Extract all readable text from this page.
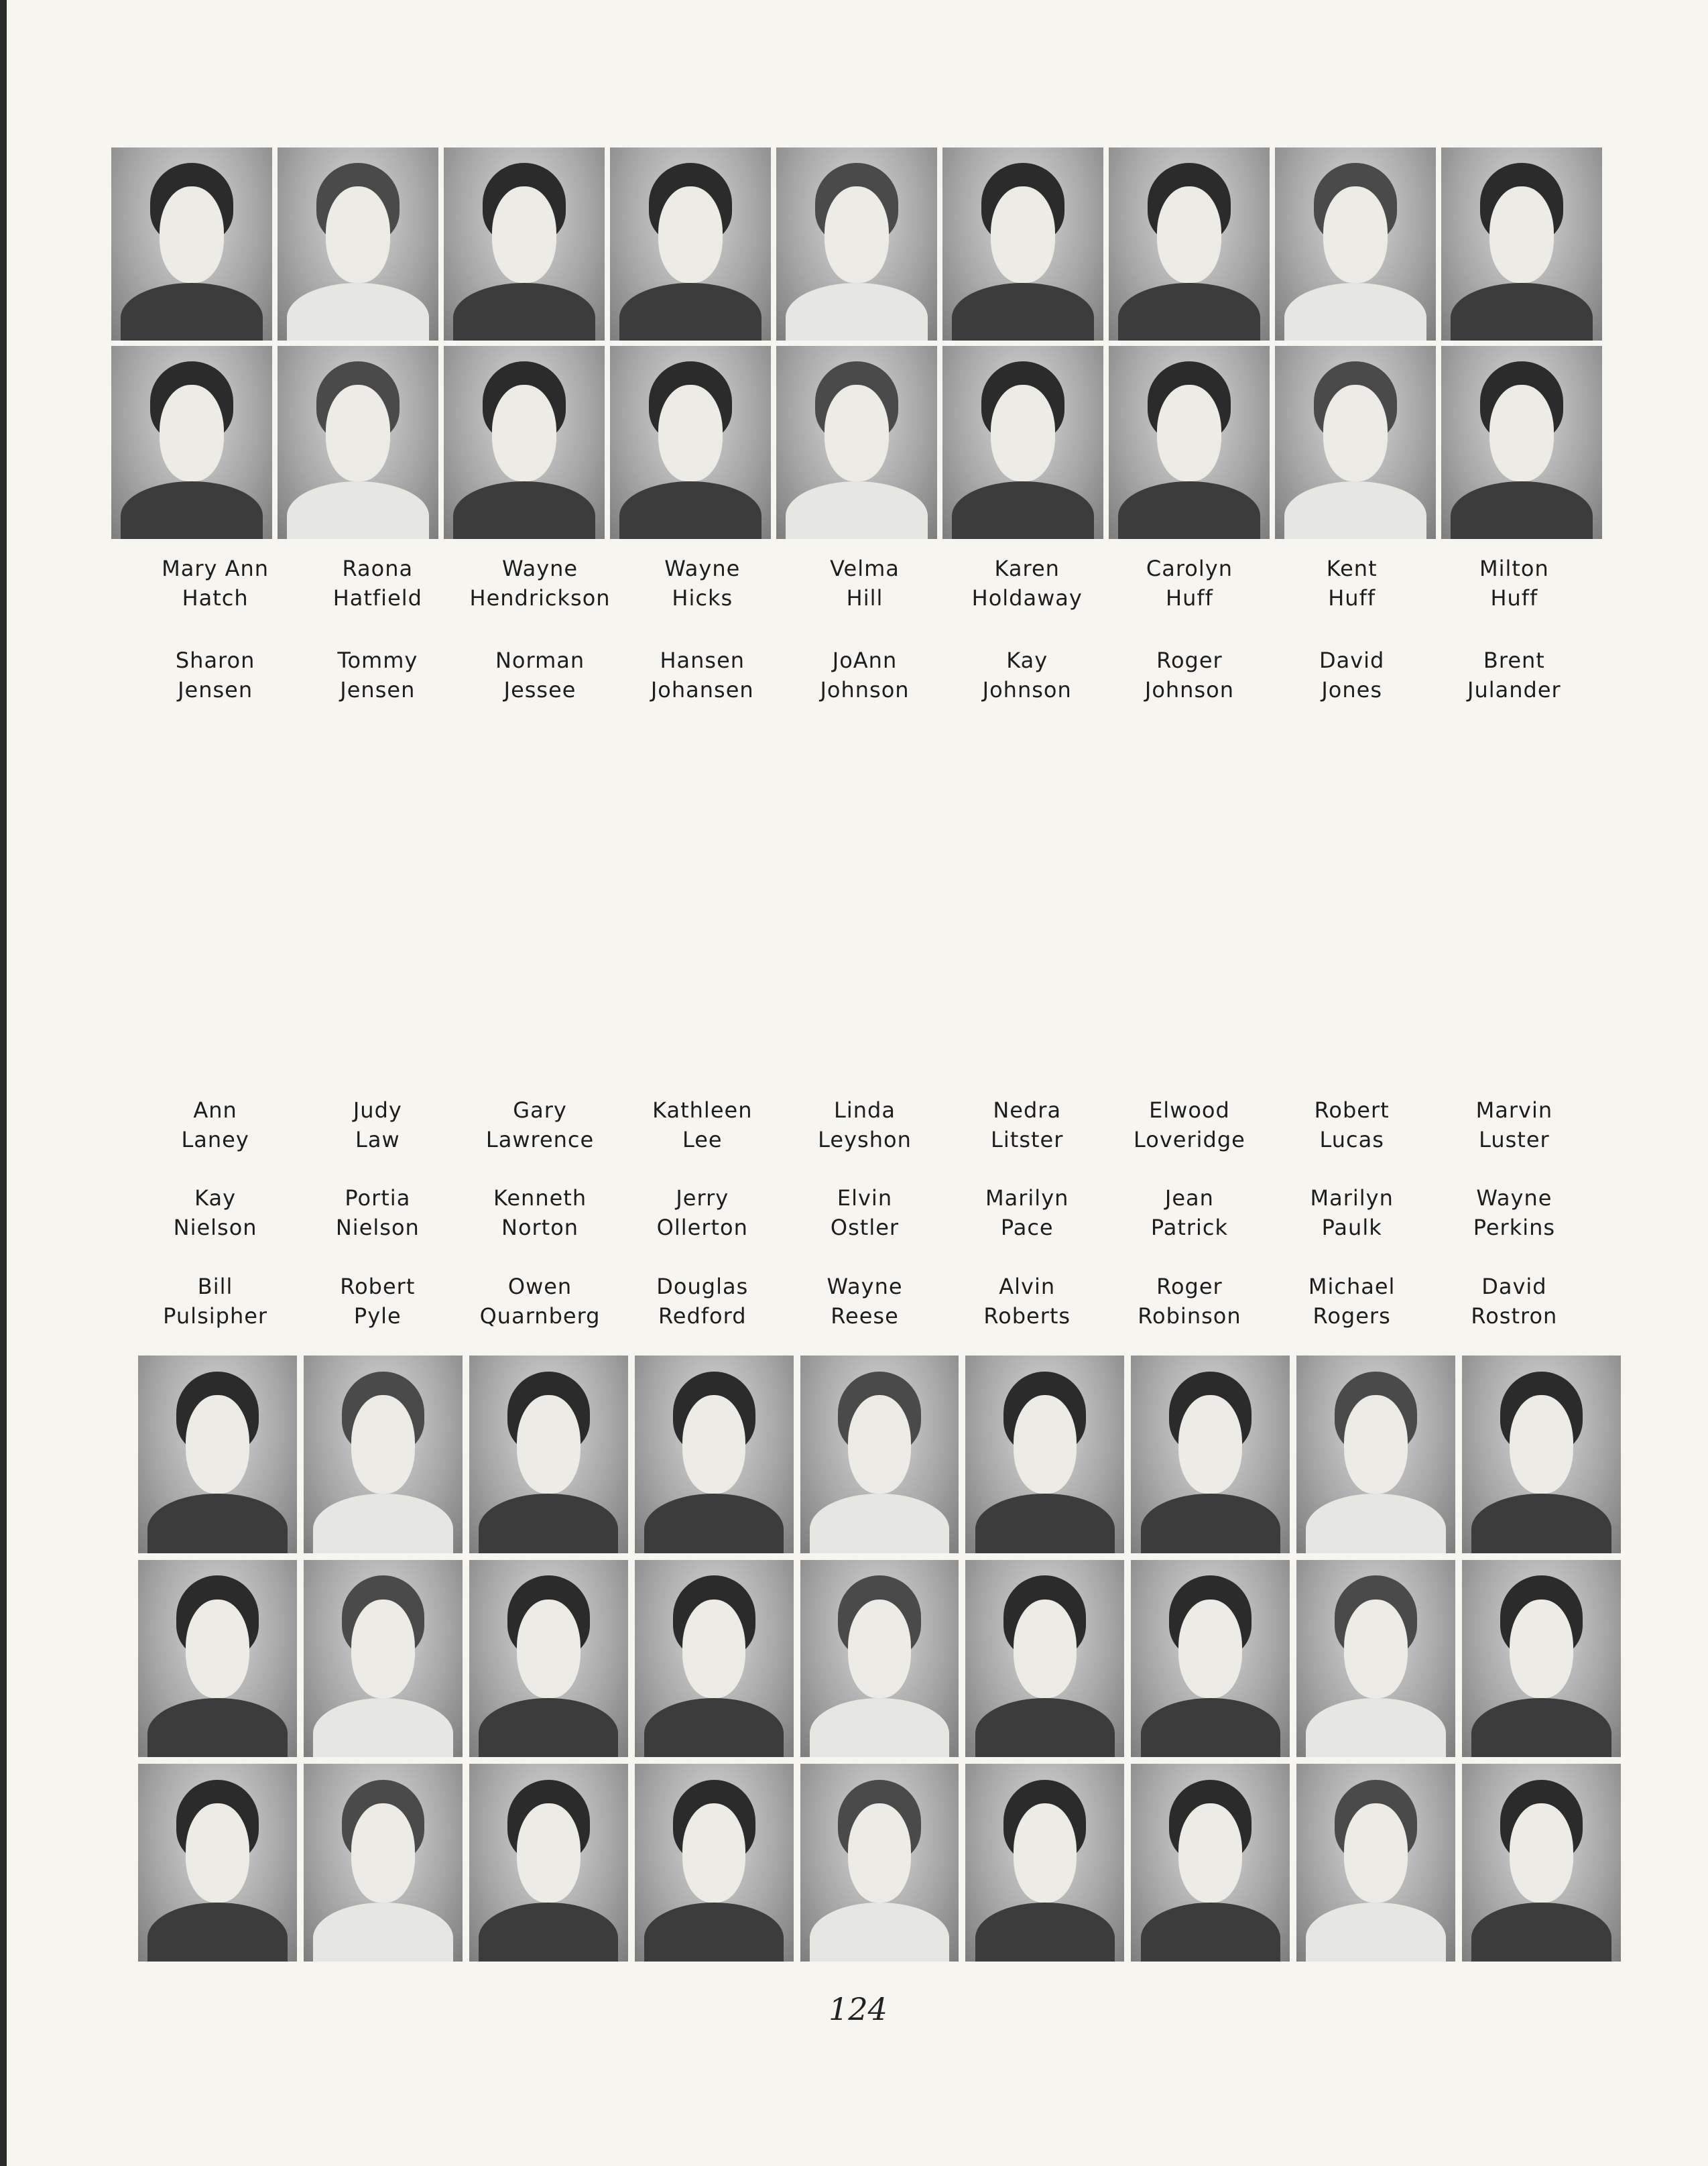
Mary Ann
Hatch
Raona
Hatfield
Wayne
Hendrickson
Wayne
Hicks
Velma
Hill
Karen
Holdaway
Carolyn
Huff
Kent
Huff
Milton
Huff
Sharon
Jensen
Tommy
Jensen
Norman
Jessee
Hansen
Johansen
JoAnn
Johnson
Kay
Johnson
Roger
Johnson
David
Jones
Brent
Julander
Ann
Laney
Judy
Law
Gary
Lawrence
Kathleen
Lee
Linda
Leyshon
Nedra
Litster
Elwood
Loveridge
Robert
Lucas
Marvin
Luster
Kay
Nielson
Portia
Nielson
Kenneth
Norton
Jerry
Ollerton
Elvin
Ostler
Marilyn
Pace
Jean
Patrick
Marilyn
Paulk
Wayne
Perkins
Bill
Pulsipher
Robert
Pyle
Owen
Quarnberg
Douglas
Redford
Wayne
Reese
Alvin
Roberts
Roger
Robinson
Michael
Rogers
David
Rostron
124
